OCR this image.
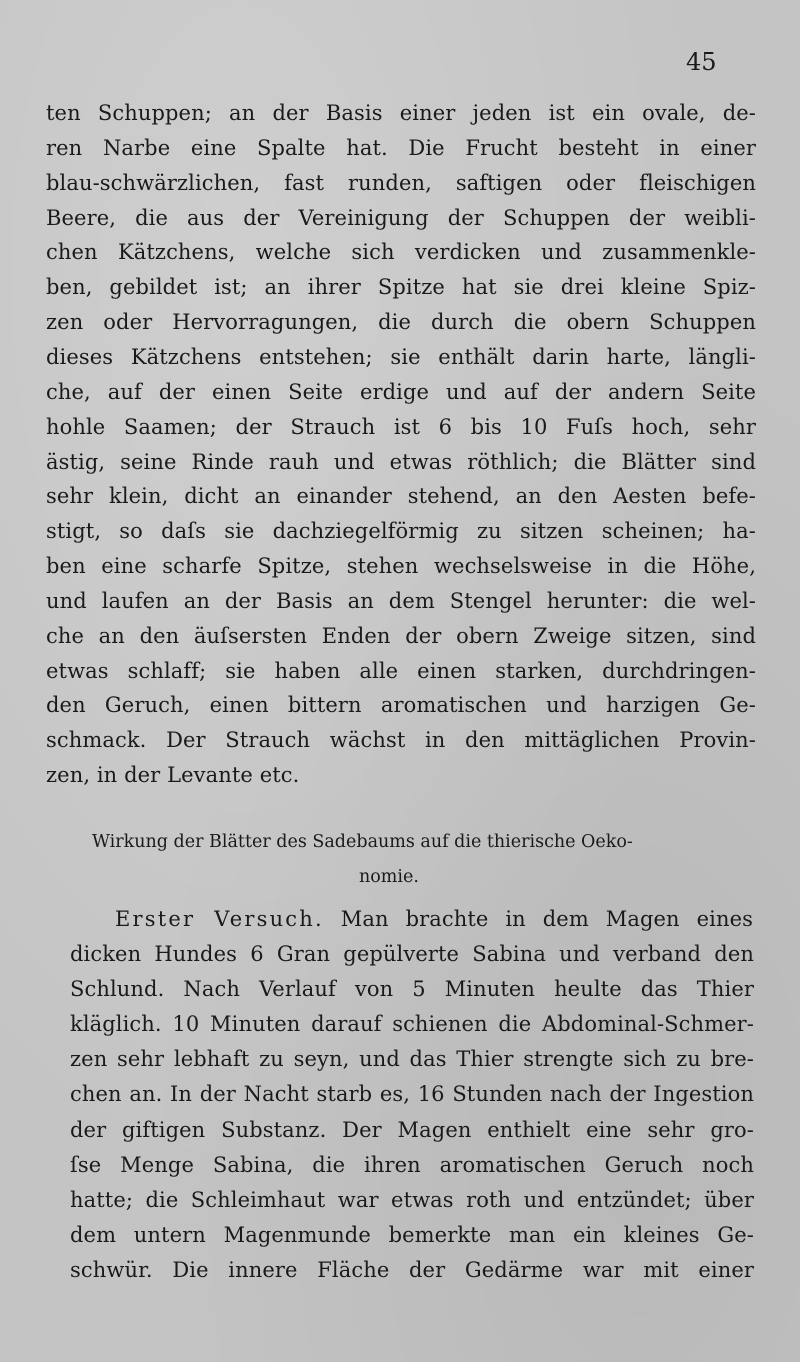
45
ten Schuppen; an der Basis einer jeden ist ein ovale, de-
ren Narbe eine Spalte hat. Die Frucht besteht in einer
blau-schwärzlichen, fast runden, saftigen oder fleischigen
Beere, die aus der Vereinigung der Schuppen der weibli-
chen Kätzchens, welche sich verdicken und zusammenkle-
ben, gebildet ist; an ihrer Spitze hat sie drei kleine Spiz-
zen oder Hervorragungen, die durch die obern Schuppen
dieses Kätzchens entstehen; sie enthält darin harte, längli-
che, auf der einen Seite erdige und auf der andern Seite
hohle Saamen; der Strauch ist 6 bis 10 Fuſs hoch, sehr
ästig, seine Rinde rauh und etwas röthlich; die Blätter sind
sehr klein, dicht an einander stehend, an den Aesten befe-
stigt, so daſs sie dachziegelförmig zu sitzen scheinen; ha-
ben eine scharfe Spitze, stehen wechselsweise in die Höhe,
und laufen an der Basis an dem Stengel herunter: die wel-
che an den äuſsersten Enden der obern Zweige sitzen, sind
etwas schlaff; sie haben alle einen starken, durchdringen-
den Geruch, einen bittern aromatischen und harzigen Ge-
schmack. Der Strauch wächst in den mittäglichen Provin-
zen, in der Levante etc.
Wirkung der Blätter des Sadebaums auf die thierische Oeko-
nomie.
Erster Versuch. Man brachte in dem Magen eines
dicken Hundes 6 Gran gepülverte Sabina und verband den
Schlund. Nach Verlauf von 5 Minuten heulte das Thier
kläglich. 10 Minuten darauf schienen die Abdominal-Schmer-
zen sehr lebhaft zu seyn, und das Thier strengte sich zu bre-
chen an. In der Nacht starb es, 16 Stunden nach der Ingestion
der giftigen Substanz. Der Magen enthielt eine sehr gro-
ſse Menge Sabina, die ihren aromatischen Geruch noch
hatte; die Schleimhaut war etwas roth und entzündet; über
dem untern Magenmunde bemerkte man ein kleines Ge-
schwür. Die innere Fläche der Gedärme war mit einer
